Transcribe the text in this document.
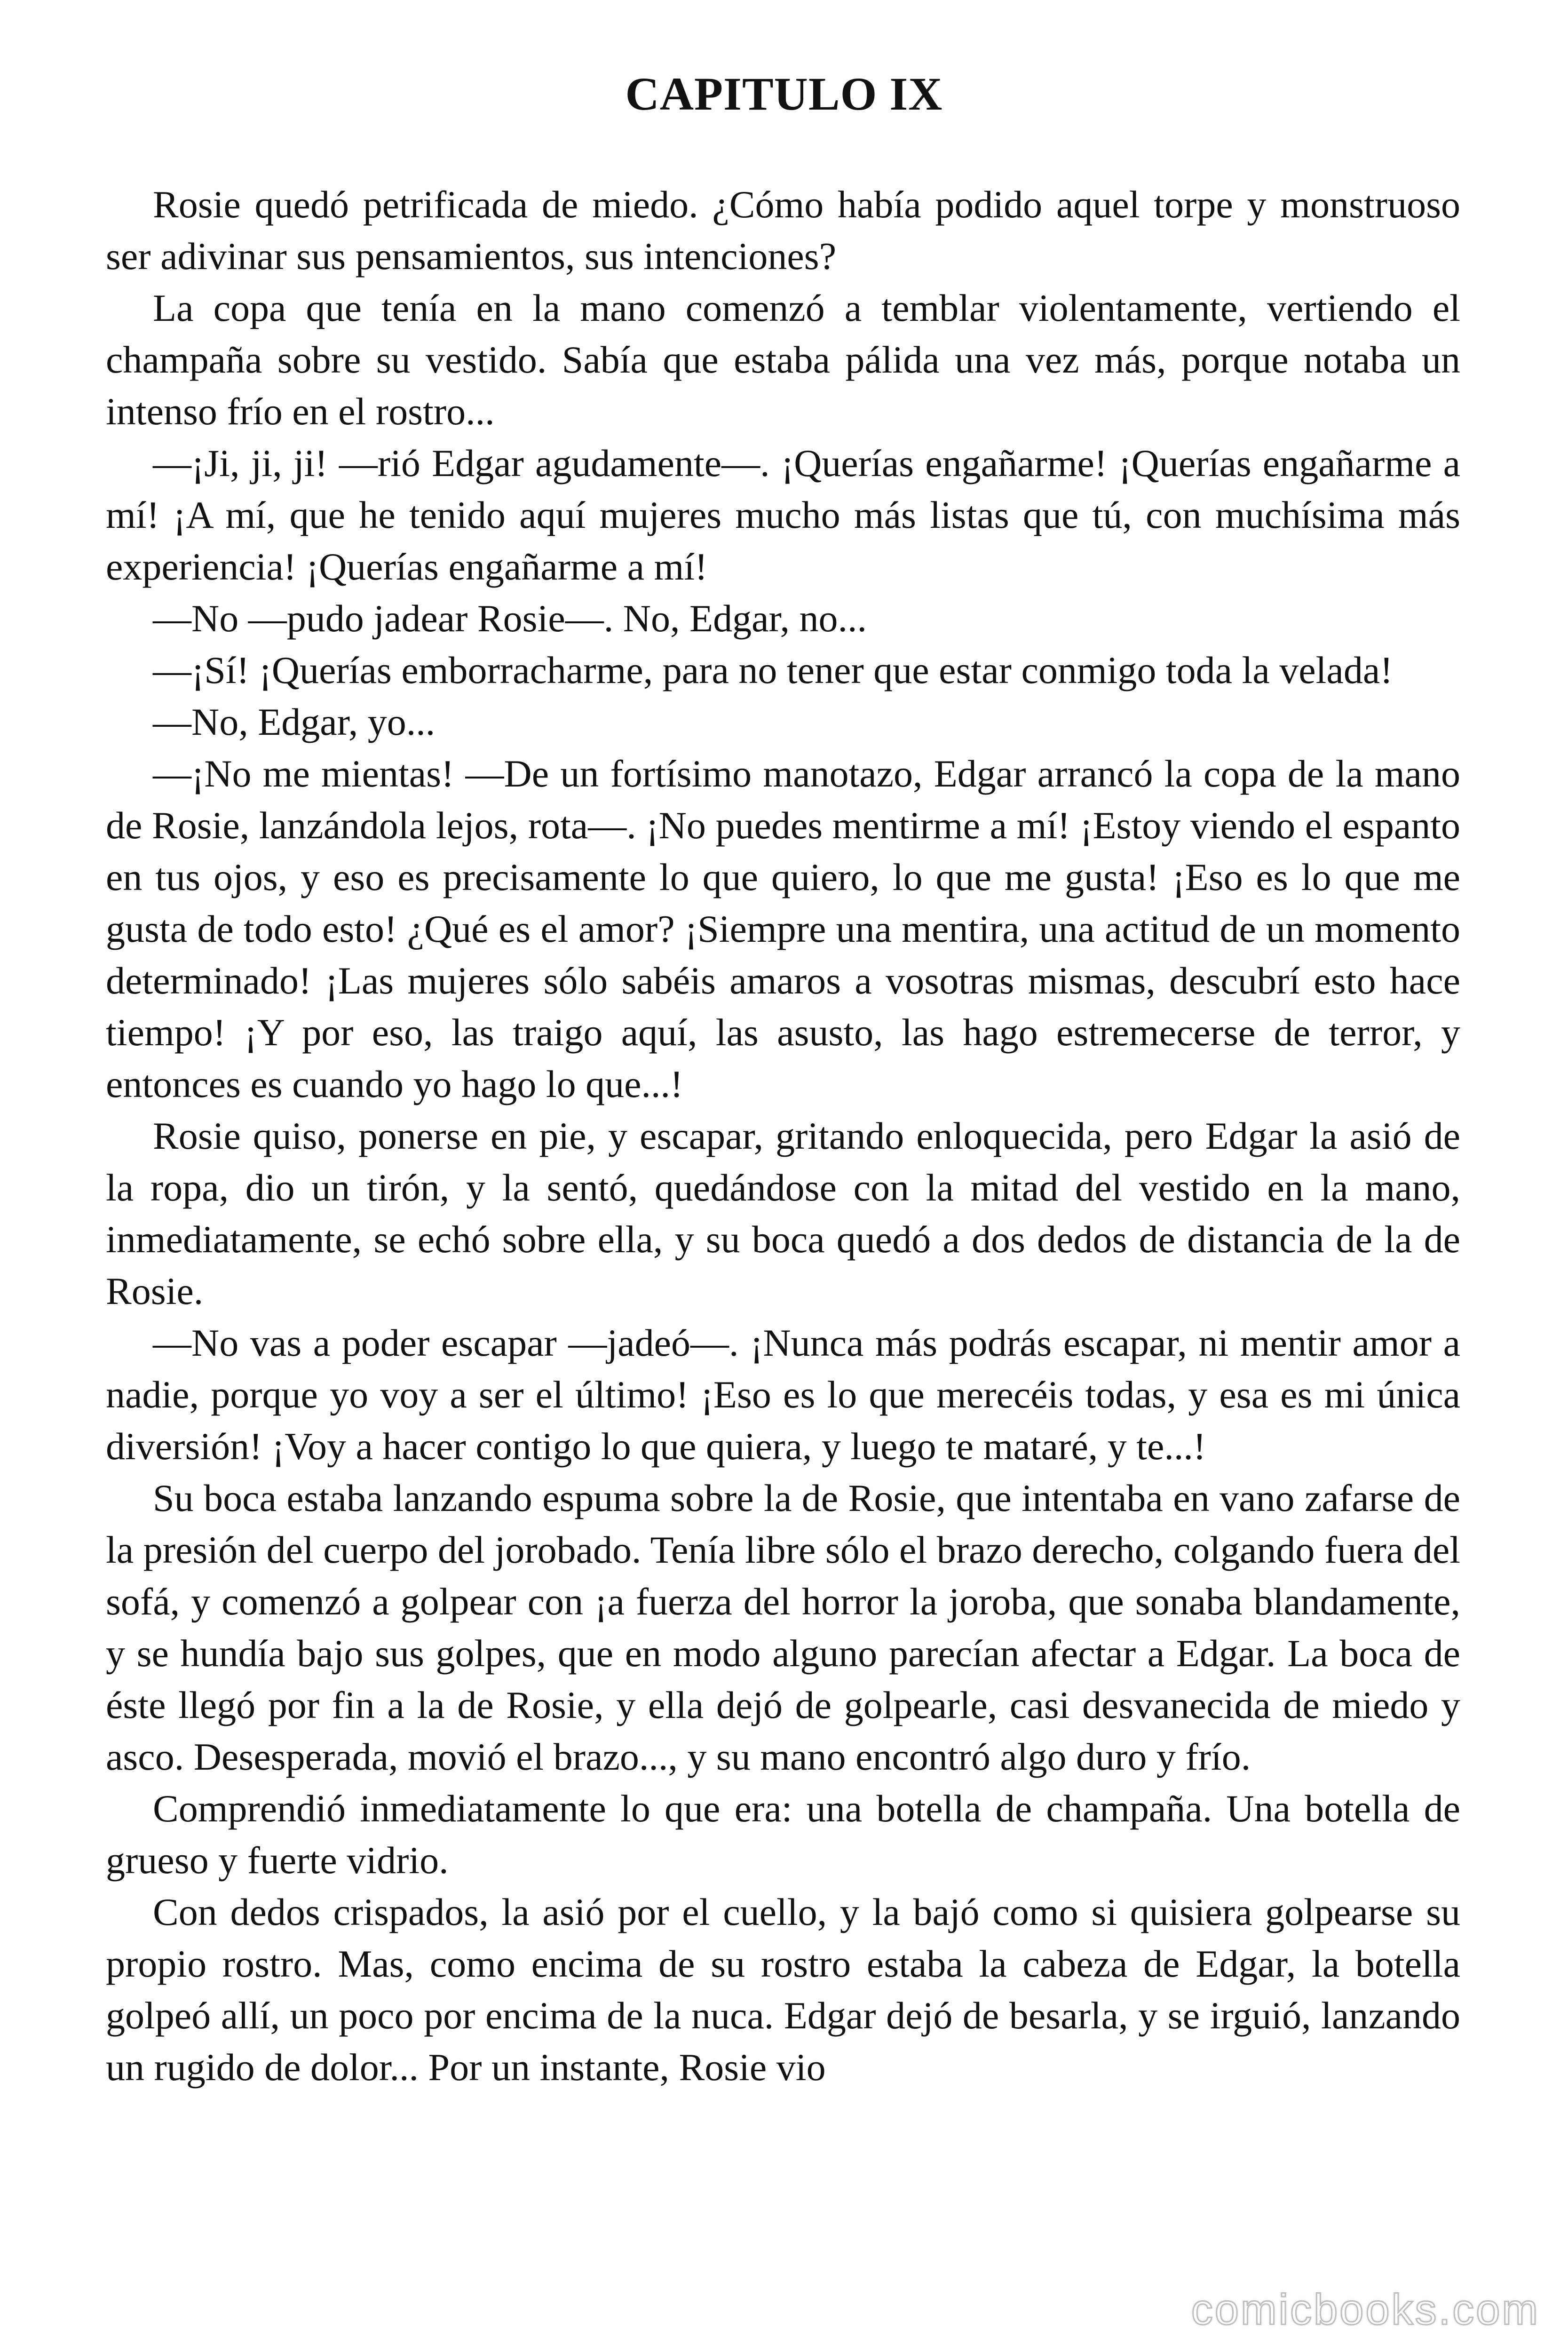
CAPITULO IX

Rosie quedó petrificada de miedo. ¿Cómo había podido aquel torpe y monstruoso ser adivinar sus pensamientos, sus intenciones?

La copa que tenía en la mano comenzó a temblar violentamente, vertiendo el champaña sobre su vestido. Sabía que estaba pálida una vez más, porque notaba un intenso frío en el rostro...

—¡Ji, ji, ji! —rió Edgar agudamente—. ¡Querías engañarme! ¡Querías engañarme a mí! ¡A mí, que he tenido aquí mujeres mucho más listas que tú, con muchísima más experiencia! ¡Querías engañarme a mí!

—No —pudo jadear Rosie—. No, Edgar, no...

—¡Sí! ¡Querías emborracharme, para no tener que estar conmigo toda la velada!

—No, Edgar, yo...

—¡No me mientas! —De un fortísimo manotazo, Edgar arrancó la copa de la mano de Rosie, lanzándola lejos, rota—. ¡No puedes mentirme a mí! ¡Estoy viendo el espanto en tus ojos, y eso es precisamente lo que quiero, lo que me gusta! ¡Eso es lo que me gusta de todo esto! ¿Qué es el amor? ¡Siempre una mentira, una actitud de un momento determinado! ¡Las mujeres sólo sabéis amaros a vosotras mismas, descubrí esto hace tiempo! ¡Y por eso, las traigo aquí, las asusto, las hago estremecerse de terror, y entonces es cuando yo hago lo que...!

Rosie quiso, ponerse en pie, y escapar, gritando enloquecida, pero Edgar la asió de la ropa, dio un tirón, y la sentó, quedándose con la mitad del vestido en la mano, inmediatamente, se echó sobre ella, y su boca quedó a dos dedos de distancia de la de Rosie.

—No vas a poder escapar —jadeó—. ¡Nunca más podrás escapar, ni mentir amor a nadie, porque yo voy a ser el último! ¡Eso es lo que merecéis todas, y esa es mi única diversión! ¡Voy a hacer contigo lo que quiera, y luego te mataré, y te...!

Su boca estaba lanzando espuma sobre la de Rosie, que intentaba en vano zafarse de la presión del cuerpo del jorobado. Tenía libre sólo el brazo derecho, colgando fuera del sofá, y comenzó a golpear con ¡a fuerza del horror la joroba, que sonaba blandamente, y se hundía bajo sus golpes, que en modo alguno parecían afectar a Edgar. La boca de éste llegó por fin a la de Rosie, y ella dejó de golpearle, casi desvanecida de miedo y asco. Desesperada, movió el brazo..., y su mano encontró algo duro y frío.

Comprendió inmediatamente lo que era: una botella de champaña. Una botella de grueso y fuerte vidrio.

Con dedos crispados, la asió por el cuello, y la bajó como si quisiera golpearse su propio rostro. Mas, como encima de su rostro estaba la cabeza de Edgar, la botella golpeó allí, un poco por encima de la nuca. Edgar dejó de besarla, y se irguió, lanzando un rugido de dolor... Por un instante, Rosie vio

comicbooks.com
